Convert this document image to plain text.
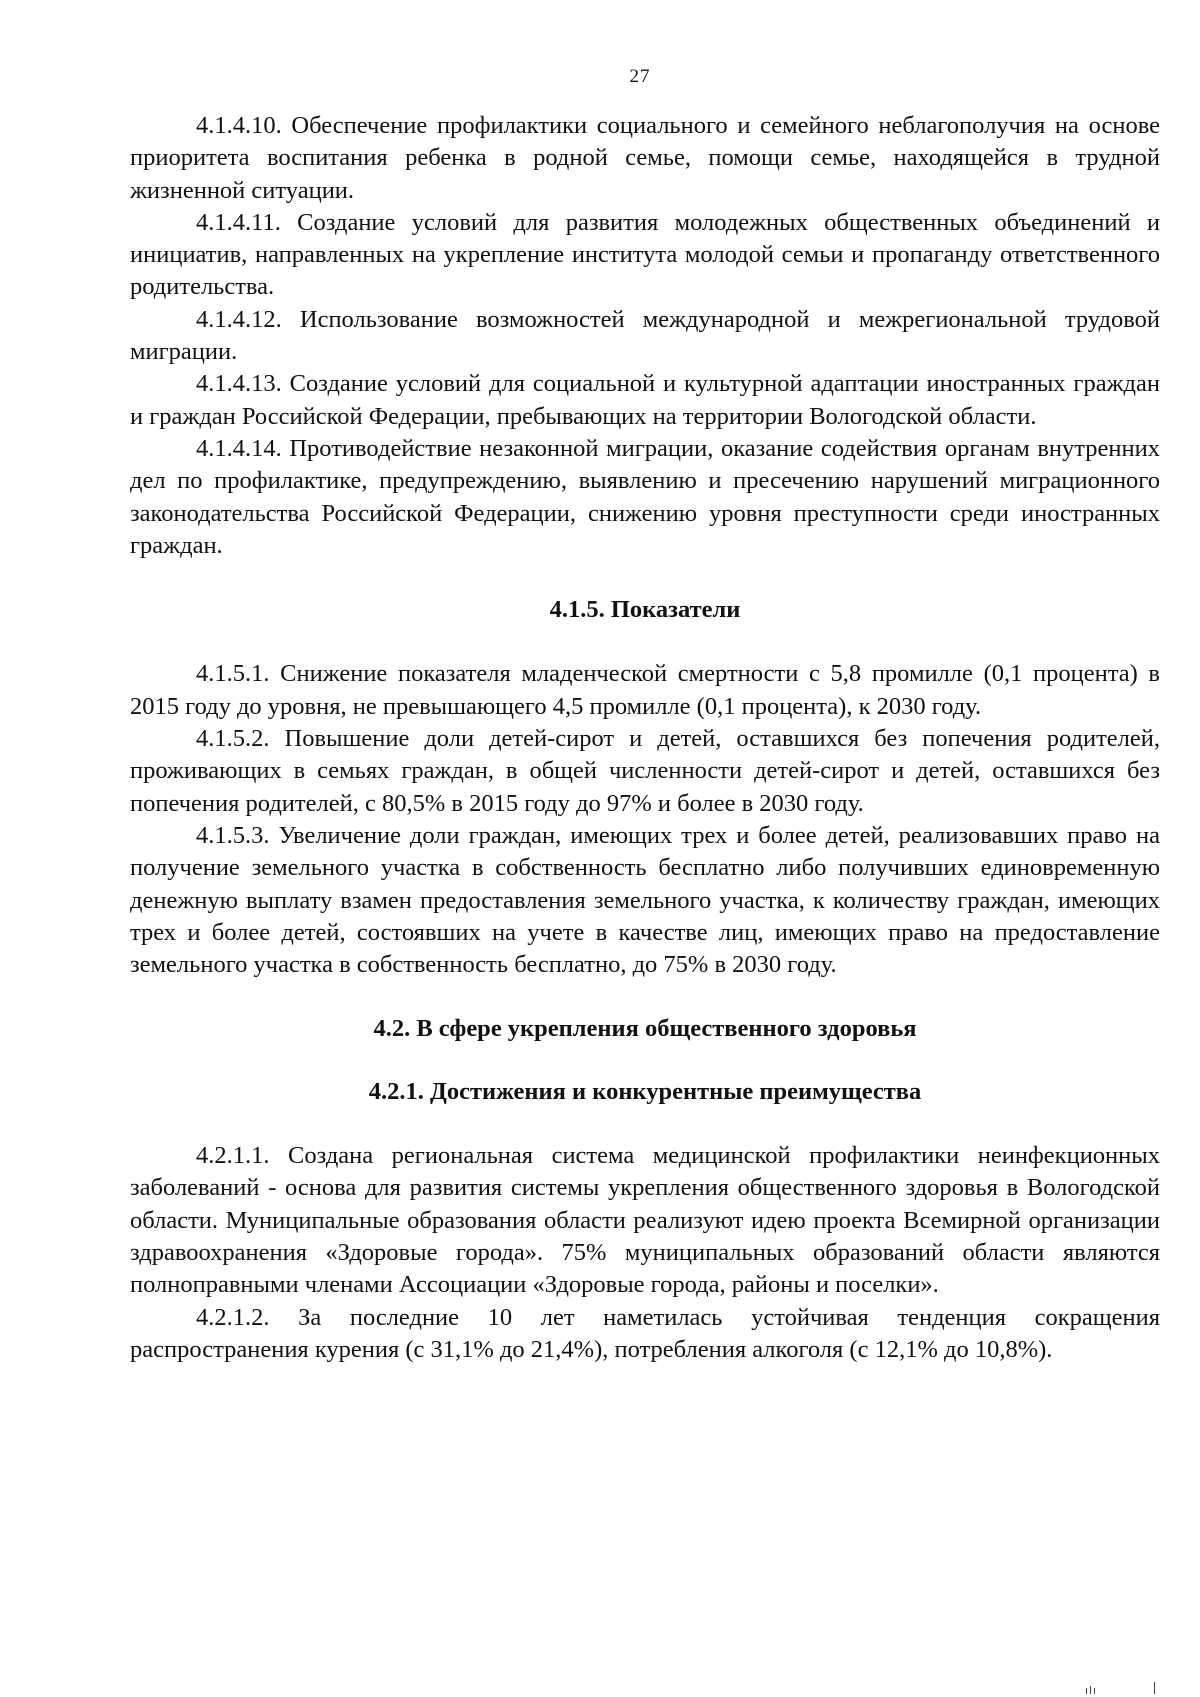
27

4.1.4.10. Обеспечение профилактики социального и семейного неблагополучия на основе приоритета воспитания ребенка в родной семье, помощи семье, находящейся в трудной жизненной ситуации.

4.1.4.11. Создание условий для развития молодежных общественных объединений и инициатив, направленных на укрепление института молодой семьи и пропаганду ответственного родительства.

4.1.4.12. Использование возможностей международной и межрегиональной трудовой миграции.

4.1.4.13. Создание условий для социальной и культурной адаптации иностранных граждан и граждан Российской Федерации, пребывающих на территории Вологодской области.

4.1.4.14. Противодействие незаконной миграции, оказание содействия органам внутренних дел по профилактике, предупреждению, выявлению и пресечению нарушений миграционного законодательства Российской Федерации, снижению уровня преступности среди иностранных граждан.

4.1.5. Показатели

4.1.5.1. Снижение показателя младенческой смертности с 5,8 промилле (0,1 процента) в 2015 году до уровня, не превышающего 4,5 промилле (0,1 процента), к 2030 году.

4.1.5.2. Повышение доли детей-сирот и детей, оставшихся без попечения родителей, проживающих в семьях граждан, в общей численности детей-сирот и детей, оставшихся без попечения родителей, с 80,5% в 2015 году до 97% и более в 2030 году.

4.1.5.3. Увеличение доли граждан, имеющих трех и более детей, реализовавших право на получение земельного участка в собственность бесплатно либо получивших единовременную денежную выплату взамен предоставления земельного участка, к количеству граждан, имеющих трех и более детей, состоявших на учете в качестве лиц, имеющих право на предоставление земельного участка в собственность бесплатно, до 75% в 2030 году.

4.2. В сфере укрепления общественного здоровья
4.2.1. Достижения и конкурентные преимущества

4.2.1.1. Создана региональная система медицинской профилактики неинфекционных заболеваний - основа для развития системы укрепления общественного здоровья в Вологодской области. Муниципальные образования области реализуют идею проекта Всемирной организации здравоохранения «Здоровые города». 75% муниципальных образований области являются полноправными членами Ассоциации «Здоровые города, районы и поселки».

4.2.1.2. За последние 10 лет наметилась устойчивая тенденция сокращения распространения курения (с 31,1% до 21,4%), потребления алкоголя (с 12,1% до 10,8%).
